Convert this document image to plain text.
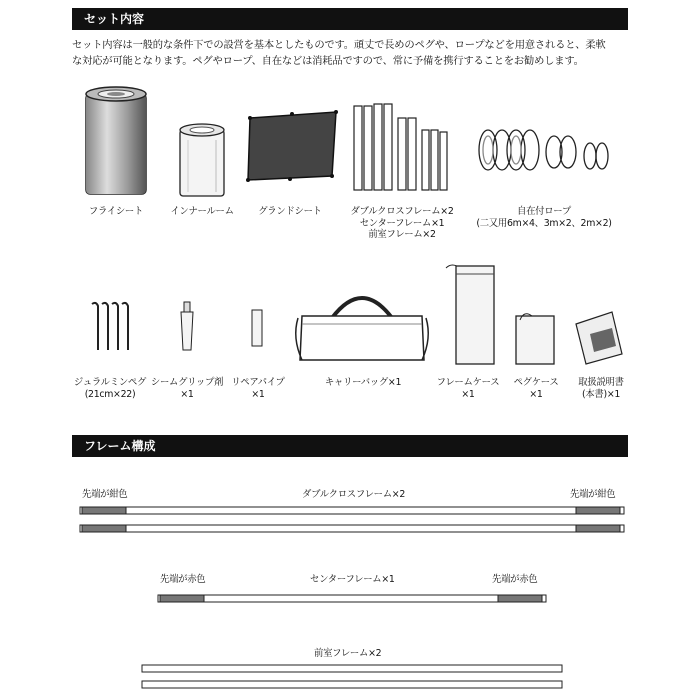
セット内容
セット内容は一般的な条件下での設営を基本としたものです。頑丈で長めのペグや、ロープなどを用意されると、柔軟
な対応が可能となります。ペグやロープ、自在などは消耗品ですので、常に予備を携行することをお勧めします。
フライシート	インナールーム	グランドシート	ダブルクロスフレーム×2
センターフレーム×1
前室フレーム×2
自在付ロープ
(二又用6m×4、3m×2、2m×2)
ジュラルミンペグ
(21cm×22)
シームグリップ剤
×1
リペアパイプ
×1
キャリーバッグ×1	フレームケース
×1
ペグケース
×1
取扱説明書
(本書)×1
フレーム構成
先端が紺色	ダブルクロスフレーム×2	先端が紺色
先端が赤色	センターフレーム×1	先端が赤色
前室フレーム×2
